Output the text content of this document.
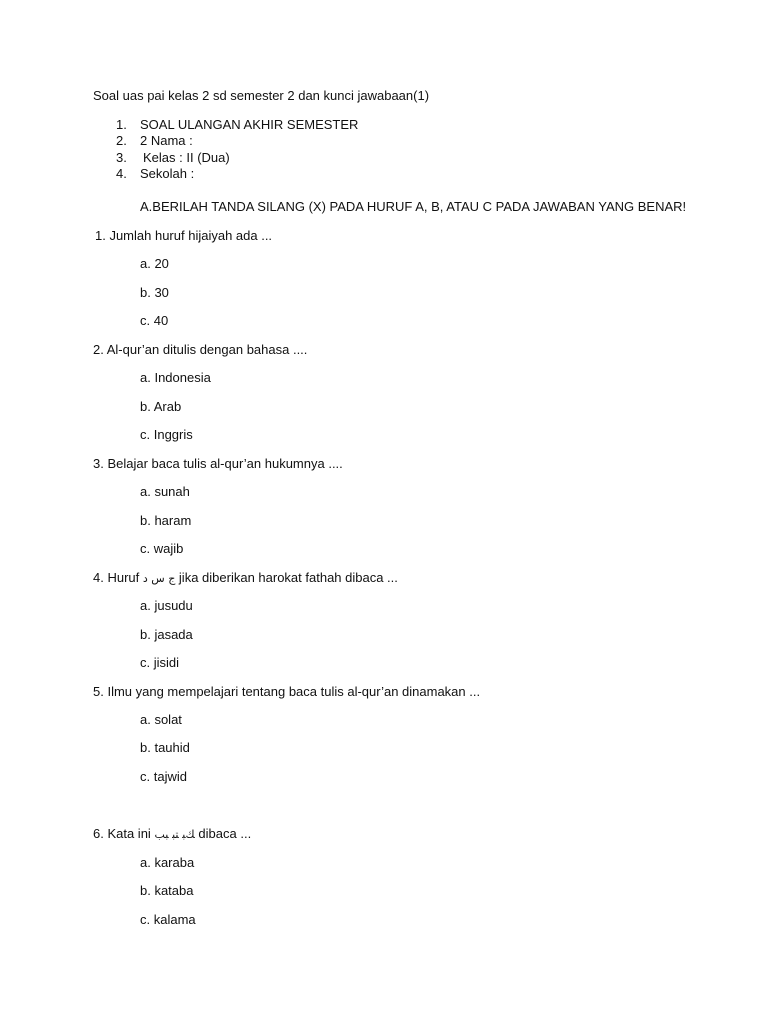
Soal uas pai kelas 2 sd semester 2 dan kunci jawabaan(1)
1. SOAL ULANGAN AKHIR SEMESTER
2. 2 Nama :
3. Kelas : II (Dua)
4. Sekolah :
A.BERILAH TANDA SILANG (X) PADA HURUF A, B, ATAU C PADA JAWABAN YANG BENAR!
1. Jumlah huruf hijaiyah ada ...
a. 20
b. 30
c. 40
2. Al-qur’an ditulis dengan bahasa ....
a. Indonesia
b. Arab
c. Inggris
3. Belajar baca tulis al-qur’an hukumnya ....
a. sunah
b. haram
c. wajib
4. Huruf ج س د jika diberikan harokat fathah dibaca ...
a. jusudu
b. jasada
c. jisidi
5. Ilmu yang mempelajari tentang baca tulis al-qur’an dinamakan ...
a. solat
b. tauhid
c. tajwid
6. Kata ini ﻚﺒ ﺘﺒ ﺒﺐ dibaca ...
a. karaba
b. kataba
c. kalama
